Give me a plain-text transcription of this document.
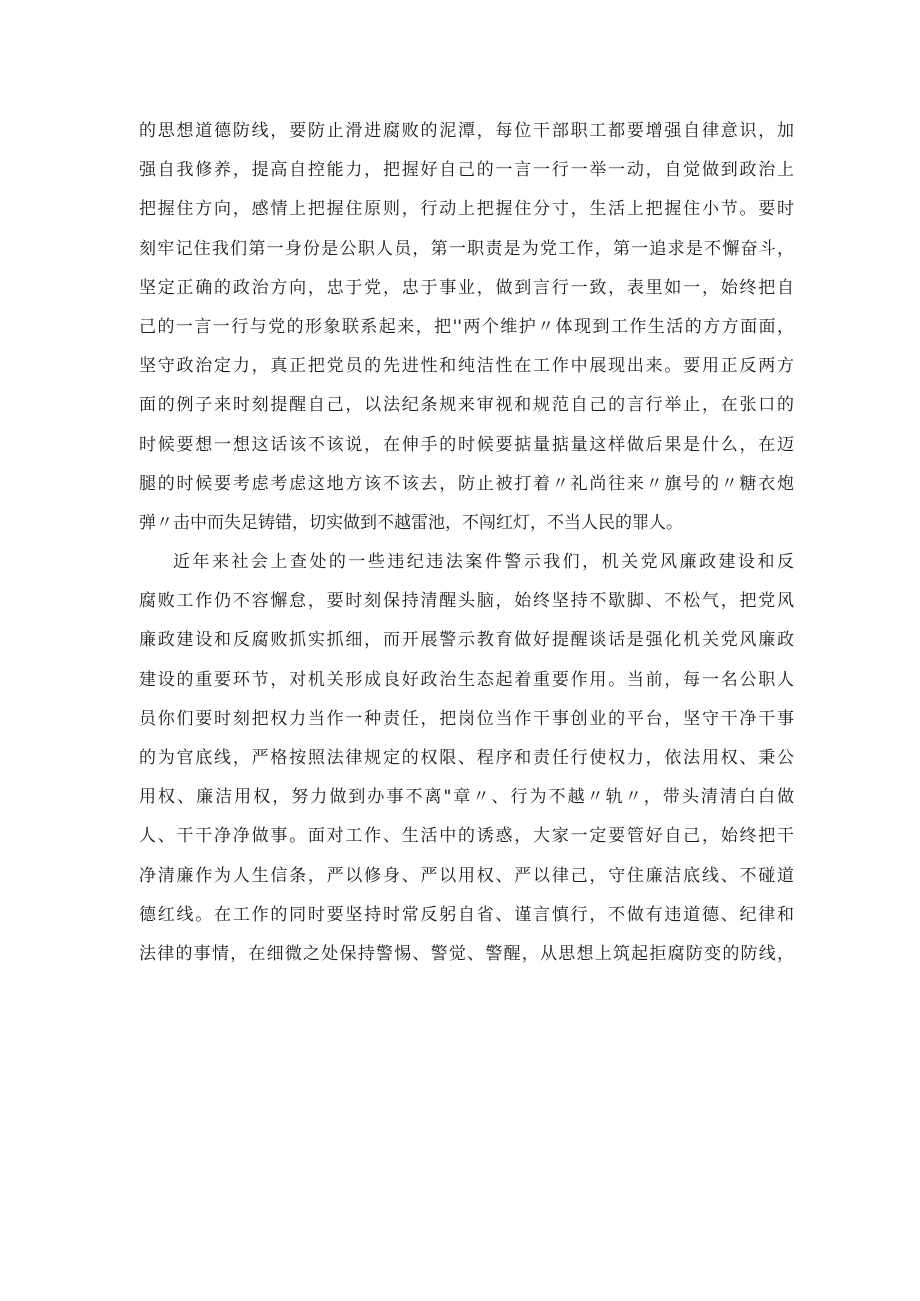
的思想道德防线，要防止滑进腐败的泥潭，每位干部职工都要增强自律意识，加
强自我修养，提高自控能力，把握好自己的一言一行一举一动，自觉做到政治上
把握住方向，感情上把握住原则，行动上把握住分寸，生活上把握住小节。要时
刻牢记住我们第一身份是公职人员，第一职责是为党工作，第一追求是不懈奋斗，
坚定正确的政治方向，忠于党，忠于事业，做到言行一致，表里如一，始终把自
己的一言一行与党的形象联系起来，把''两个维护〃体现到工作生活的方方面面，
坚守政治定力，真正把党员的先进性和纯洁性在工作中展现出来。要用正反两方
面的例子来时刻提醒自己，以法纪条规来审视和规范自己的言行举止，在张口的
时候要想一想这话该不该说，在伸手的时候要掂量掂量这样做后果是什么，在迈
腿的时候要考虑考虑这地方该不该去，防止被打着〃礼尚往来〃旗号的〃糖衣炮
弹〃击中而失足铸错，切实做到不越雷池，不闯红灯，不当人民的罪人。
近年来社会上查处的一些违纪违法案件警示我们，机关党风廉政建设和反
腐败工作仍不容懈怠，要时刻保持清醒头脑，始终坚持不歇脚、不松气，把党风
廉政建设和反腐败抓实抓细，而开展警示教育做好提醒谈话是强化机关党风廉政
建设的重要环节，对机关形成良好政治生态起着重要作用。当前，每一名公职人
员你们要时刻把权力当作一种责任，把岗位当作干事创业的平台，坚守干净干事
的为官底线，严格按照法律规定的权限、程序和责任行使权力，依法用权、秉公
用权、廉洁用权，努力做到办事不离"章〃、行为不越〃轨〃，带头清清白白做
人、干干净净做事。面对工作、生活中的诱惑，大家一定要管好自己，始终把干
净清廉作为人生信条，严以修身、严以用权、严以律己，守住廉洁底线、不碰道
德红线。在工作的同时要坚持时常反躬自省、谨言慎行，不做有违道德、纪律和
法律的事情，在细微之处保持警惕、警觉、警醒，从思想上筑起拒腐防变的防线，
